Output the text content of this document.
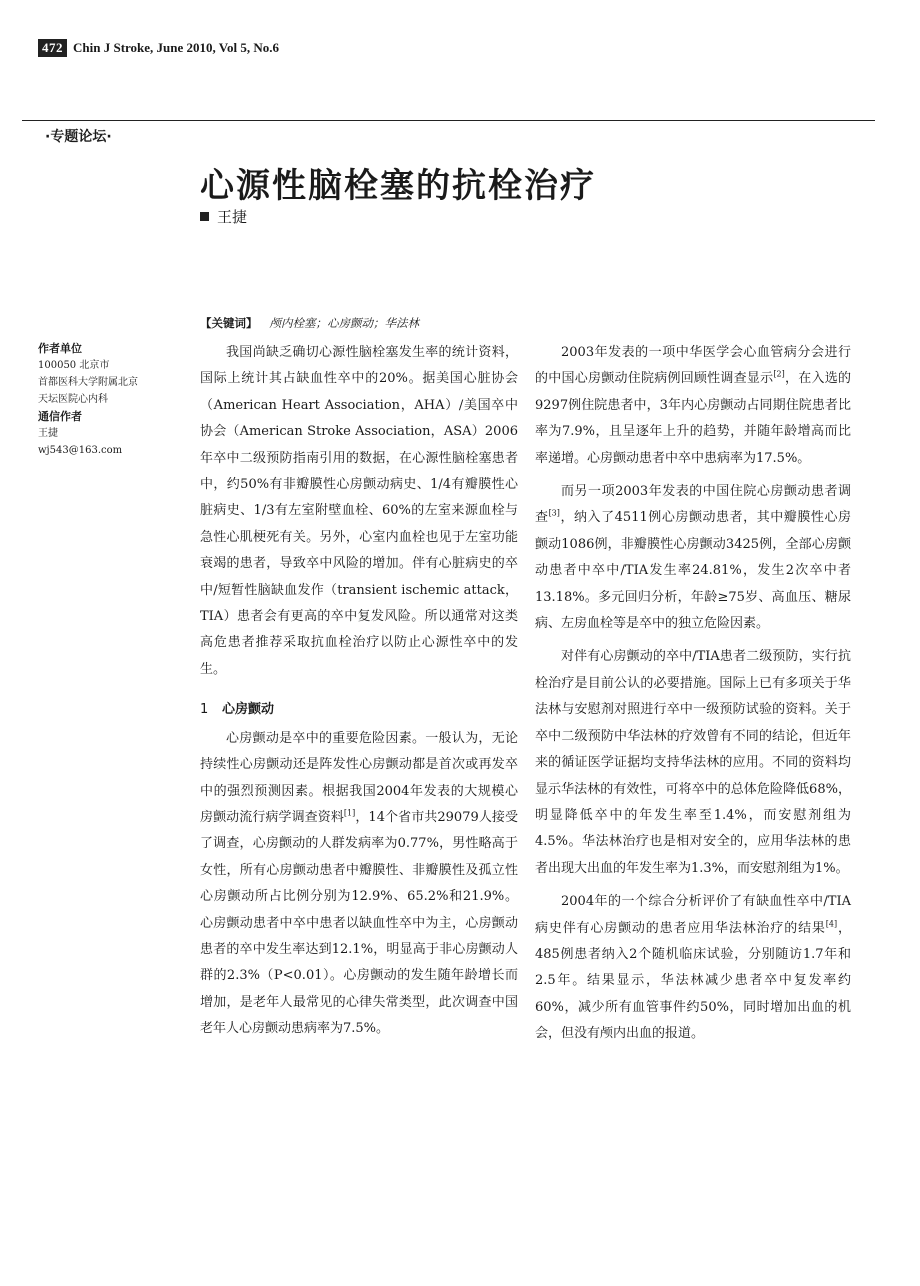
472 Chin J Stroke, June 2010, Vol 5, No.6
·专题论坛·
心源性脑栓塞的抗栓治疗
王捷
【关键词】 颅内栓塞；心房颤动；华法林
作者单位
100050 北京市
首都医科大学附属北京
天坛医院心内科
通信作者
王捷
wj543@163.com

我国尚缺乏确切心源性脑栓塞发生率的统计资料，国际上统计其占缺血性卒中的20%。据美国心脏协会（American Heart Association，AHA）/美国卒中协会（American Stroke Association，ASA）2006年卒中二级预防指南引用的数据，在心源性脑栓塞患者中，约50%有非瓣膜性心房颤动病史、1/4有瓣膜性心脏病史、1/3有左室附壁血栓、60%的左室来源血栓与急性心肌梗死有关。另外，心室内血栓也见于左室功能衰竭的患者，导致卒中风险的增加。伴有心脏病史的卒中/短暂性脑缺血发作（transient ischemic attack，TIA）患者会有更高的卒中复发风险。所以通常对这类高危患者推荐采取抗血栓治疗以防止心源性卒中的发生。

1 心房颤动

心房颤动是卒中的重要危险因素。一般认为，无论持续性心房颤动还是阵发性心房颤动都是首次或再发卒中的强烈预测因素。根据我国2004年发表的大规模心房颤动流行病学调查资料[1]，14个省市共29079人接受了调查，心房颤动的人群发病率为0.77%，男性略高于女性，所有心房颤动患者中瓣膜性、非瓣膜性及孤立性心房颤动所占比例分别为12.9%、65.2%和21.9%。心房颤动患者中卒中患者以缺血性卒中为主，心房颤动患者的卒中发生率达到12.1%，明显高于非心房颤动人群的2.3%（P<0.01）。心房颤动的发生随年龄增长而增加，是老年人最常见的心律失常类型，此次调查中国老年人心房颤动患病率为7.5%。

2003年发表的一项中华医学会心血管病分会进行的中国心房颤动住院病例回顾性调查显示[2]，在入选的9297例住院患者中，3年内心房颤动占同期住院患者比率为7.9%，且呈逐年上升的趋势，并随年龄增高而比率递增。心房颤动患者中卒中患病率为17.5%。

而另一项2003年发表的中国住院心房颤动患者调查[3]，纳入了4511例心房颤动患者，其中瓣膜性心房颤动1086例，非瓣膜性心房颤动3425例，全部心房颤动患者中卒中/TIA发生率24.81%，发生2次卒中者13.18%。多元回归分析，年龄≥75岁、高血压、糖尿病、左房血栓等是卒中的独立危险因素。

对伴有心房颤动的卒中/TIA患者二级预防，实行抗栓治疗是目前公认的必要措施。国际上已有多项关于华法林与安慰剂对照进行卒中一级预防试验的资料。关于卒中二级预防中华法林的疗效曾有不同的结论，但近年来的循证医学证据均支持华法林的应用。不同的资料均显示华法林的有效性，可将卒中的总体危险降低68%，明显降低卒中的年发生率至1.4%，而安慰剂组为4.5%。华法林治疗也是相对安全的，应用华法林的患者出现大出血的年发生率为1.3%，而安慰剂组为1%。

2004年的一个综合分析评价了有缺血性卒中/TIA病史伴有心房颤动的患者应用华法林治疗的结果[4]，485例患者纳入2个随机临床试验，分别随访1.7年和2.5年。结果显示，华法林减少患者卒中复发率约60%，减少所有血管事件约50%，同时增加出血的机会，但没有颅内出血的报道。
